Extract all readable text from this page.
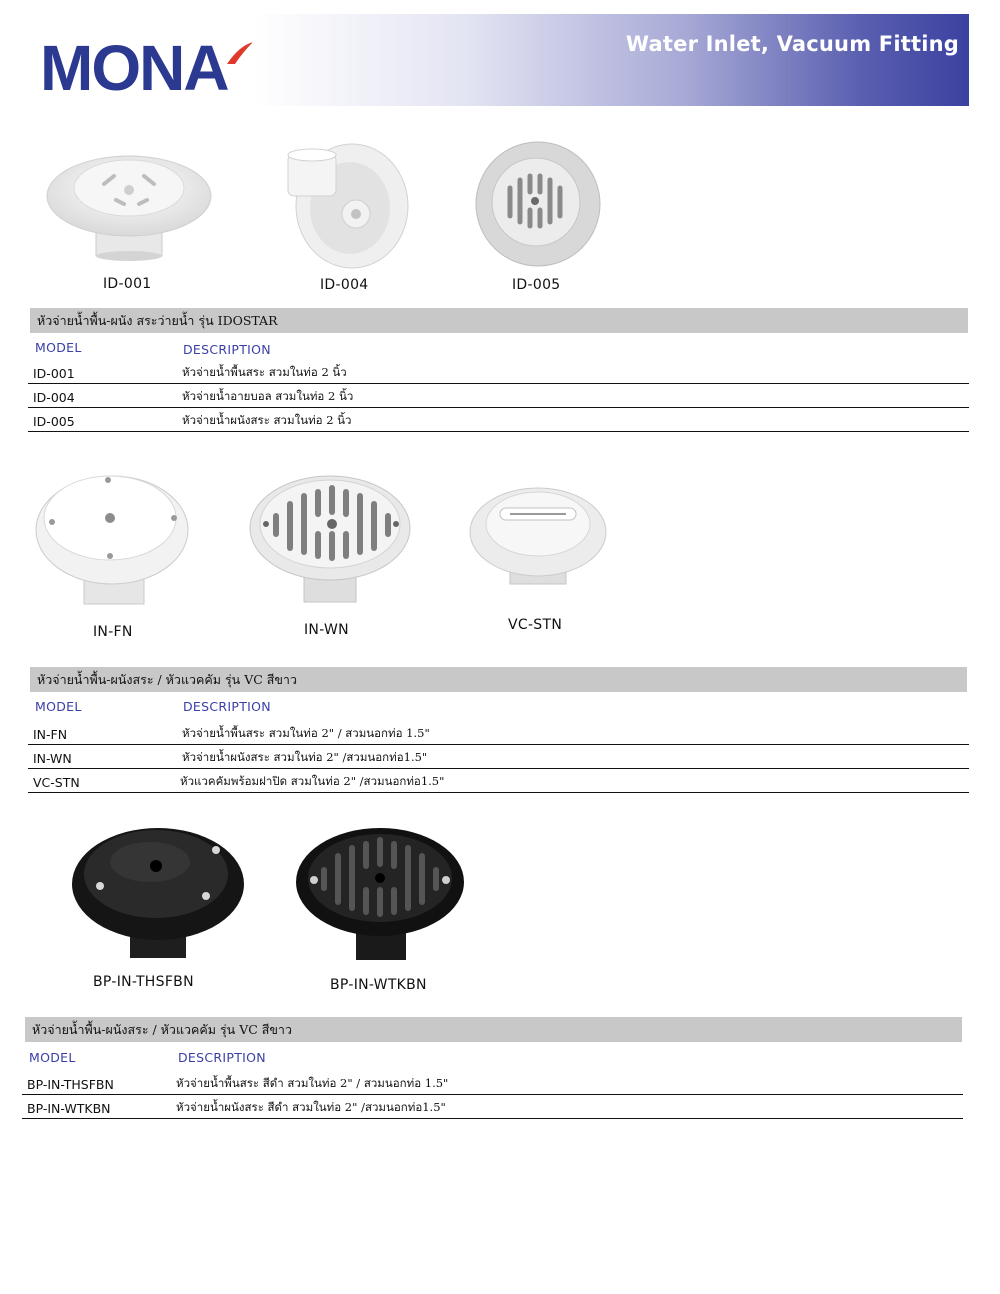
MONA	Water Inlet, Vacuum Fitting
ID-001	ID-004	ID-005
หัวจ่ายน้ำพื้น-ผนัง สระว่ายน้ำ รุ่น IDOSTAR
MODEL	DESCRIPTION
ID-001	หัวจ่ายน้ำพื้นสระ สวมในท่อ 2 นิ้ว
ID-004	หัวจ่ายน้ำอายบอล สวมในท่อ 2 นิ้ว
ID-005	หัวจ่ายน้ำผนังสระ สวมในท่อ 2 นิ้ว
IN-FN	IN-WN	VC-STN
หัวจ่ายน้ำพื้น-ผนังสระ / หัวแวคคัม รุ่น VC สีขาว
MODEL	DESCRIPTION
IN-FN	หัวจ่ายน้ำพื้นสระ สวมในท่อ 2" / สวมนอกท่อ 1.5"
IN-WN	หัวจ่ายน้ำผนังสระ สวมในท่อ 2" /สวมนอกท่อ1.5"
VC-STN	หัวแวคคัมพร้อมฝาปิด สวมในท่อ 2" /สวมนอกท่อ1.5"
BP-IN-THSFBN	BP-IN-WTKBN
หัวจ่ายน้ำพื้น-ผนังสระ / หัวแวคคัม รุ่น VC สีขาว
MODEL	DESCRIPTION
BP-IN-THSFBN	หัวจ่ายน้ำพื้นสระ สีดำ สวมในท่อ 2" / สวมนอกท่อ 1.5"
BP-IN-WTKBN	หัวจ่ายน้ำผนังสระ สีดำ สวมในท่อ 2" /สวมนอกท่อ1.5"
